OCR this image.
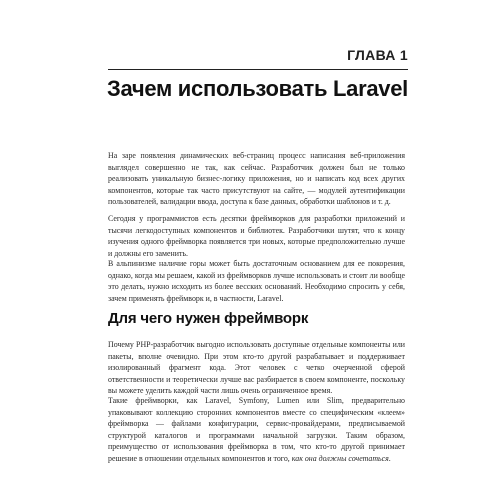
ГЛАВА 1
Зачем использовать Laravel

На заре появления динамических веб-страниц процесс написания веб-приложения выглядел совершенно не так, как сейчас. Разработчик должен был не только реализовать уникальную бизнес-логику приложения, но и написать код всех других компонентов, которые так часто присутствуют на сайте, — модулей аутентификации пользователей, валидации ввода, доступа к базе данных, обработки шаблонов и т. д.

Сегодня у программистов есть десятки фреймворков для разработки приложений и тысячи легкодоступных компонентов и библиотек. Разработчики шутят, что к концу изучения одного фреймворка появляется три новых, которые предположительно лучше и должны его заменить.

В альпинизме наличие горы может быть достаточным основанием для ее покорения, однако, когда мы решаем, какой из фреймворков лучше использовать и стоит ли вообще это делать, нужно исходить из более весских оснований. Необходимо спросить у себя, зачем применять фреймворк и, в частности, Laravel.

Для чего нужен фреймворк

Почему PHP-разработчик выгодно использовать доступные отдельные компоненты или пакеты, вполне очевидно. При этом кто-то другой разрабатывает и поддерживает изолированный фрагмент кода. Этот человек с четко очерченной сферой ответственности и теоретически лучше вас разбирается в своем компоненте, поскольку вы можете уделить каждой части лишь очень ограниченное время.

Такие фреймворки, как Laravel, Symfony, Lumen или Slim, предварительно упаковывают коллекцию сторонних компонентов вместе со специфическим «клеем» фреймворка — файлами конфигурации, сервис-провайдерами, предписываемой структурой каталогов и программами начальной загрузки. Таким образом, преимущество от использования фреймворка в том, что кто-то другой принимает решение в отношении отдельных компонентов и того, как она должны сочетаться.
